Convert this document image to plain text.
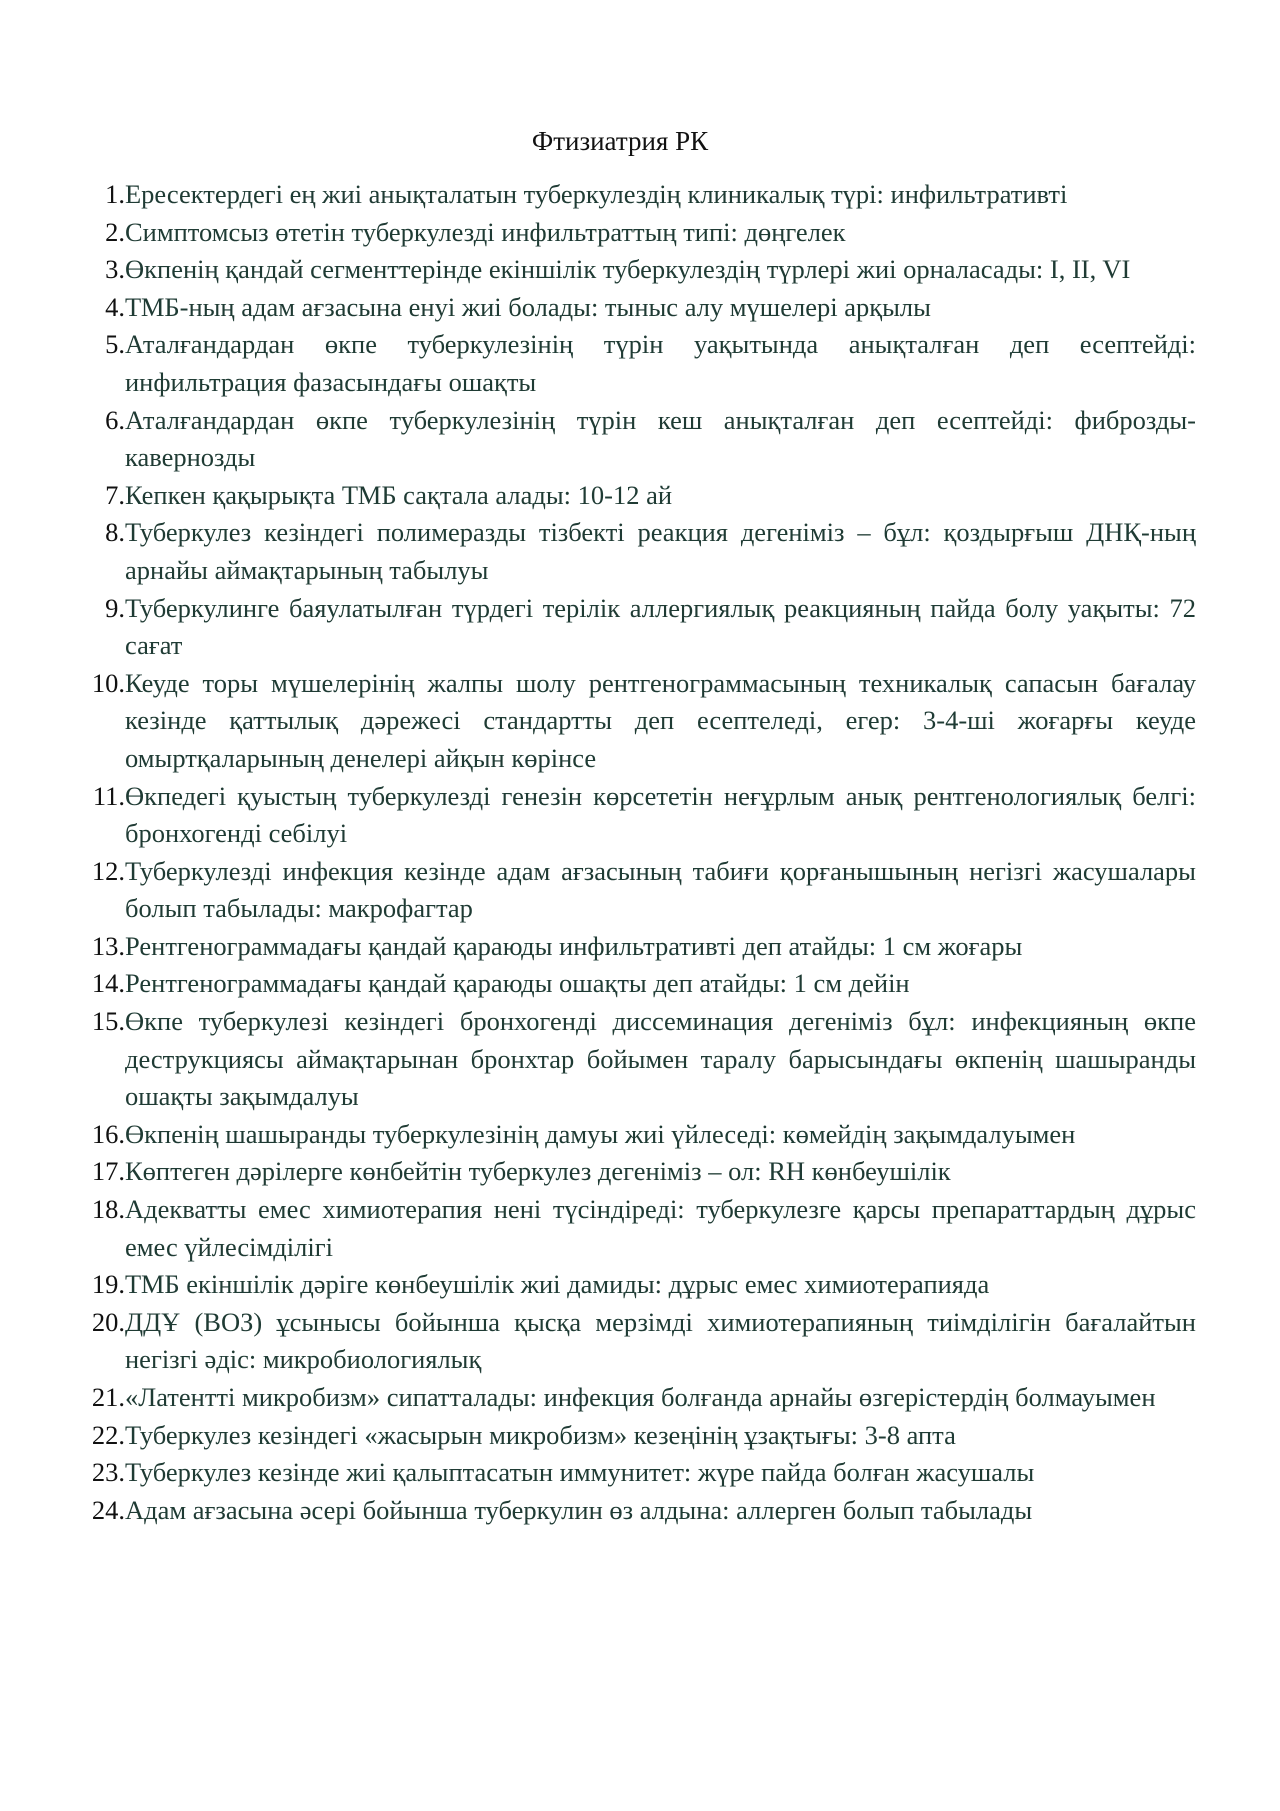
Фтизиатрия РК
1. Ересектердегі ең жиі анықталатын туберкулездің клиникалық түрі: инфильтративті
2. Симптомсыз өтетін туберкулезді инфильтраттың типі: дөңгелек
3. Өкпенің қандай сегменттерінде екіншілік туберкулездің түрлері жиі орналасады: I, II, VI
4. ТМБ-ның адам ағзасына енуі жиі болады: тыныс алу мүшелері арқылы
5. Аталғандардан өкпе туберкулезінің түрін уақытында анықталған деп есептейді: инфильтрация фазасындағы ошақты
6. Аталғандардан өкпе туберкулезінің түрін кеш анықталған деп есептейді: фиброзды-кавернозды
7. Кепкен қақырықта ТМБ сақтала алады: 10-12 ай
8. Туберкулез кезіндегі полимеразды тізбекті реакция дегеніміз – бұл: қоздырғыш ДНҚ-ның арнайы аймақтарының табылуы
9. Туберкулинге баяулатылған түрдегі терілік аллергиялық реакцияның пайда болу уақыты: 72 сағат
10. Кеуде торы мүшелерінің жалпы шолу рентгенограммасының техникалық сапасын бағалау кезінде қаттылық дәрежесі стандартты деп есептеледі, егер: 3-4-ші жоғарғы кеуде омыртқаларының денелері айқын көрінсе
11. Өкпедегі қуыстың туберкулезді генезін көрсететін неғұрлым анық рентгенологиялық белгі: бронхогенді себілуі
12. Туберкулезді инфекция кезінде адам ағзасының табиғи қорғанышының негізгі жасушалары болып табылады: макрофагтар
13. Рентгенограммадағы қандай қараюды инфильтративті деп атайды: 1 см жоғары
14. Рентгенограммадағы қандай қараюды ошақты деп атайды: 1 см дейін
15. Өкпе туберкулезі кезіндегі бронхогенді диссеминация дегеніміз бұл: инфекцияның өкпе деструкциясы аймақтарынан бронхтар бойымен таралу барысындағы өкпенің шашыранды ошақты зақымдалуы
16. Өкпенің шашыранды туберкулезінің дамуы жиі үйлеседі: көмейдің зақымдалуымен
17. Көптеген дәрілерге көнбейтін туберкулез дегеніміз – ол: RH көнбеушілік
18. Адекватты емес химиотерапия нені түсіндіреді: туберкулезге қарсы препараттардың дұрыс емес үйлесімділігі
19. ТМБ екіншілік дәріге көнбеушілік жиі дамиды: дұрыс емес химиотерапияда
20. ДДҰ (ВОЗ) ұсынысы бойынша қысқа мерзімді химиотерапияның тиімділігін бағалайтын негізгі әдіс: микробиологиялық
21. «Латентті микробизм» сипатталады: инфекция болғанда арнайы өзгерістердің болмауымен
22. Туберкулез кезіндегі «жасырын микробизм» кезеңінің ұзақтығы: 3-8 апта
23. Туберкулез кезінде жиі қалыптасатын иммунитет: жүре пайда болған жасушалы
24. Адам ағзасына әсері бойынша туберкулин өз алдына: аллерген болып табылады
